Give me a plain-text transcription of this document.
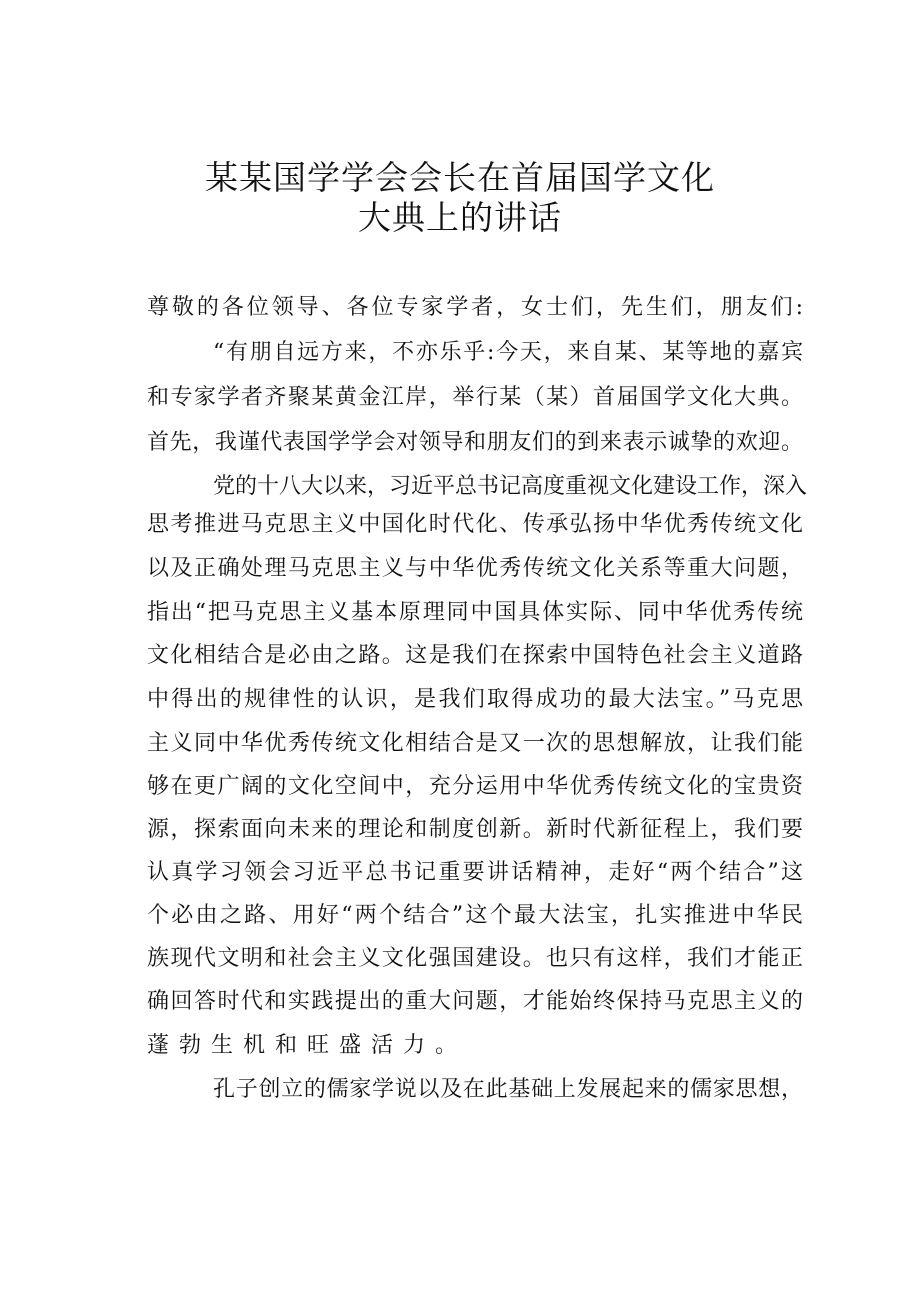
某某国学学会会长在首届国学文化
大典上的讲话
尊敬的各位领导、各位专家学者，女士们，先生们，朋友们:
“有朋自远方来，不亦乐乎:今天，来自某、某等地的嘉宾
和专家学者齐聚某黄金江岸，举行某（某）首届国学文化大典。
首先，我谨代表国学学会对领导和朋友们的到来表示诚挚的欢迎。
党的十八大以来，习近平总书记高度重视文化建设工作，深入
思考推进马克思主义中国化时代化、传承弘扬中华优秀传统文化
以及正确处理马克思主义与中华优秀传统文化关系等重大问题，
指出“把马克思主义基本原理同中国具体实际、同中华优秀传统
文化相结合是必由之路。这是我们在探索中国特色社会主义道路
中得出的规律性的认识，是我们取得成功的最大法宝。”马克思
主义同中华优秀传统文化相结合是又一次的思想解放，让我们能
够在更广阔的文化空间中，充分运用中华优秀传统文化的宝贵资
源，探索面向未来的理论和制度创新。新时代新征程上，我们要
认真学习领会习近平总书记重要讲话精神，走好“两个结合”这
个必由之路、用好“两个结合”这个最大法宝，扎实推进中华民
族现代文明和社会主义文化强国建设。也只有这样，我们才能正
确回答时代和实践提出的重大问题，才能始终保持马克思主义的
蓬勃生机和旺盛活力。
孔子创立的儒家学说以及在此基础上发展起来的儒家思想，
